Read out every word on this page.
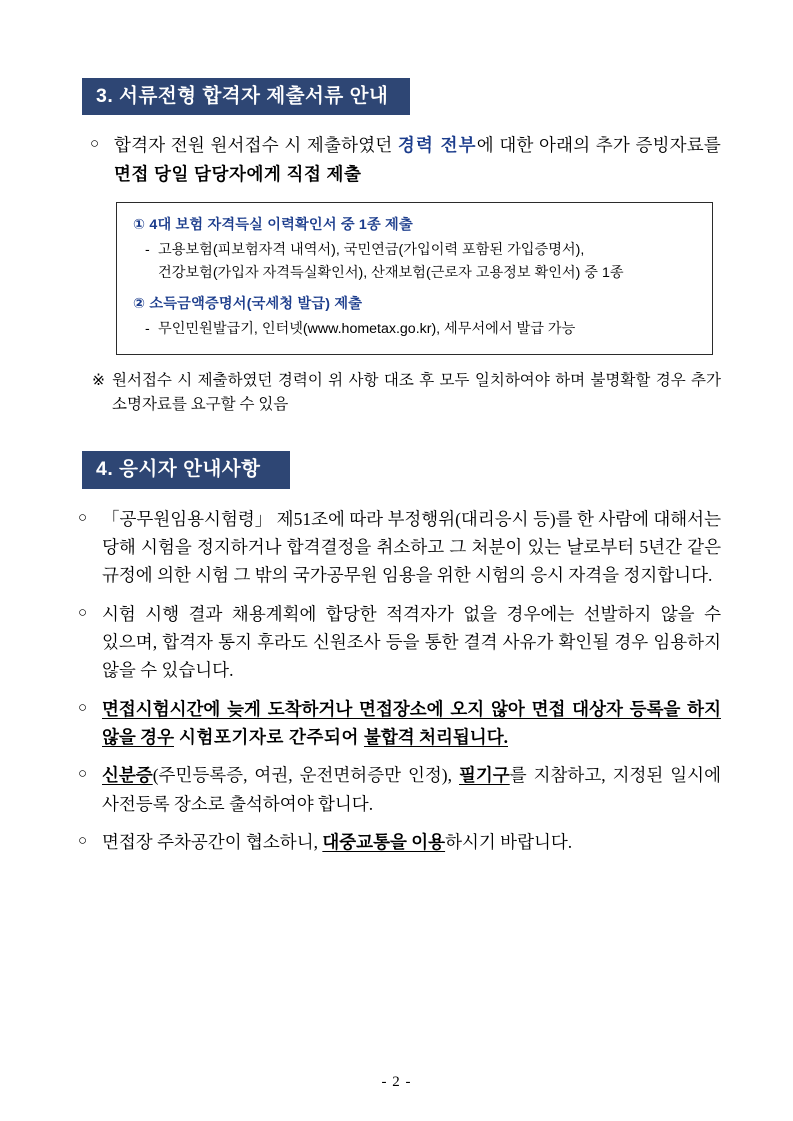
3. 서류전형 합격자 제출서류 안내
○ 합격자 전원 원서접수 시 제출하였던 경력 전부에 대한 아래의 추가 증빙자료를 면접 당일 담당자에게 직접 제출
① 4대 보험 자격득실 이력확인서 중 1종 제출
- 고용보험(피보험자격 내역서), 국민연금(가입이력 포함된 가입증명서),
건강보험(가입자 자격득실확인서), 산재보험(근로자 고용정보 확인서) 중 1종
② 소득금액증명서(국세청 발급) 제출
- 무인민원발급기, 인터넷(www.hometax.go.kr), 세무서에서 발급 가능
※ 원서접수 시 제출하였던 경력이 위 사항 대조 후 모두 일치하여야 하며 불명확할 경우 추가 소명자료를 요구할 수 있음
4. 응시자 안내사항
○ 「공무원임용시험령」 제51조에 따라 부정행위(대리응시 등)를 한 사람에 대해서는 당해 시험을 정지하거나 합격결정을 취소하고 그 처분이 있는 날로부터 5년간 같은 규정에 의한 시험 그 밖의 국가공무원 임용을 위한 시험의 응시 자격을 정지합니다.
○ 시험 시행 결과 채용계획에 합당한 적격자가 없을 경우에는 선발하지 않을 수 있으며, 합격자 통지 후라도 신원조사 등을 통한 결격 사유가 확인될 경우 임용하지 않을 수 있습니다.
○ 면접시험시간에 늦게 도착하거나 면접장소에 오지 않아 면접 대상자 등록을 하지 않을 경우 시험포기자로 간주되어 불합격 처리됩니다.
○ 신분증(주민등록증, 여권, 운전면허증만 인정), 필기구를 지참하고, 지정된 일시에 사전등록 장소로 출석하여야 합니다.
○ 면접장 주차공간이 협소하니, 대중교통을 이용하시기 바랍니다.
- 2 -
